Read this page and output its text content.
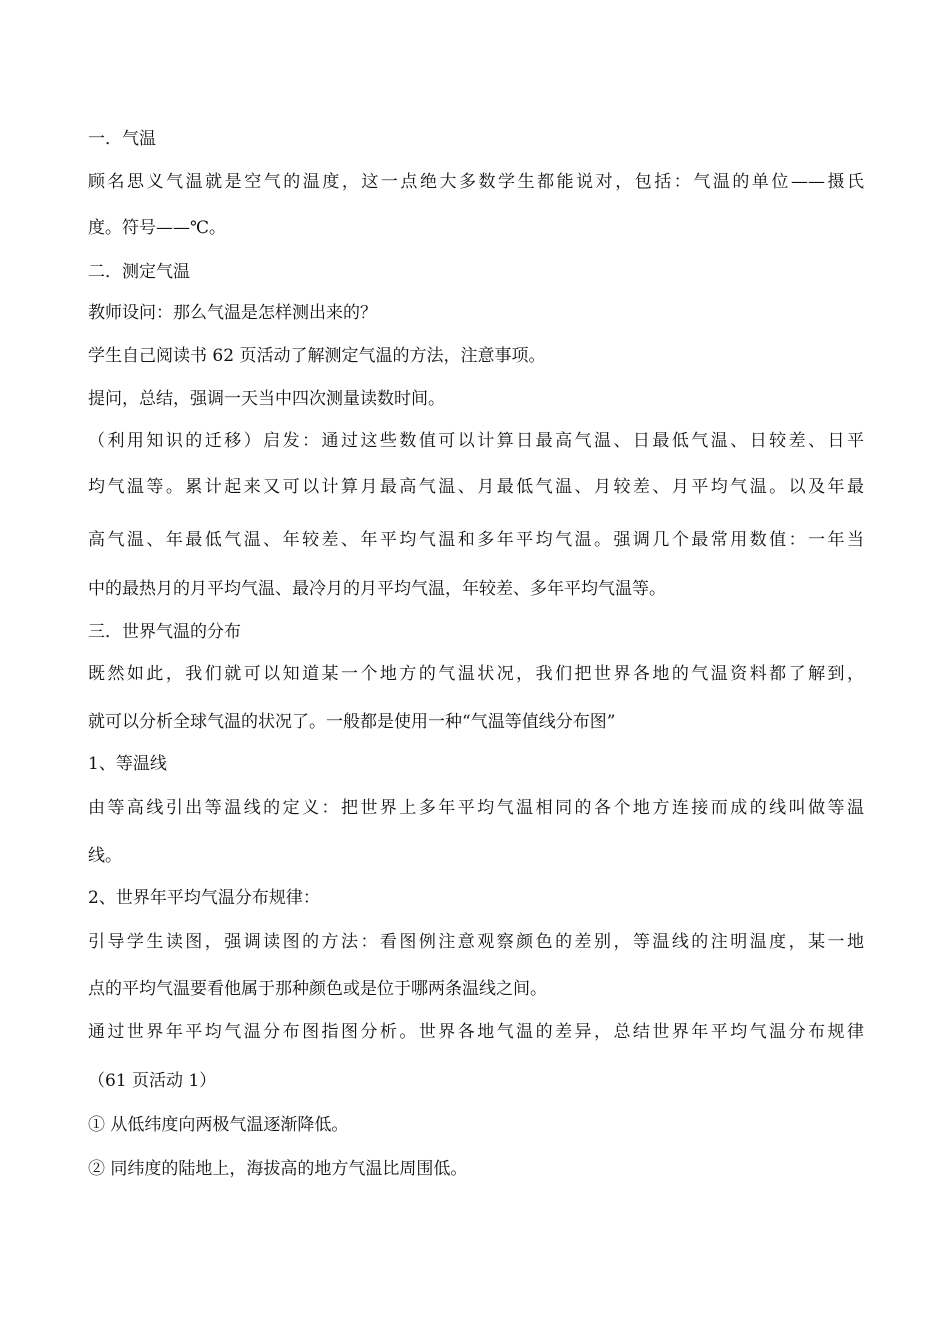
一．气温
顾名思义气温就是空气的温度，这一点绝大多数学生都能说对，包括：气温的单位——摄氏
度。符号——℃。
二．测定气温
教师设问：那么气温是怎样测出来的？
学生自己阅读书 62 页活动了解测定气温的方法，注意事项。
提问，总结，强调一天当中四次测量读数时间。
（利用知识的迁移）启发：通过这些数值可以计算日最高气温、日最低气温、日较差、日平
均气温等。累计起来又可以计算月最高气温、月最低气温、月较差、月平均气温。以及年最
高气温、年最低气温、年较差、年平均气温和多年平均气温。强调几个最常用数值：一年当
中的最热月的月平均气温、最冷月的月平均气温，年较差、多年平均气温等。
三．世界气温的分布
既然如此，我们就可以知道某一个地方的气温状况，我们把世界各地的气温资料都了解到，
就可以分析全球气温的状况了。一般都是使用一种“气温等值线分布图”
1、等温线
由等高线引出等温线的定义：把世界上多年平均气温相同的各个地方连接而成的线叫做等温
线。
2、世界年平均气温分布规律：
引导学生读图，强调读图的方法：看图例注意观察颜色的差别，等温线的注明温度，某一地
点的平均气温要看他属于那种颜色或是位于哪两条温线之间。
通过世界年平均气温分布图指图分析。世界各地气温的差异，总结世界年平均气温分布规律
（61 页活动 1）
① 从低纬度向两极气温逐渐降低。
② 同纬度的陆地上，海拔高的地方气温比周围低。
